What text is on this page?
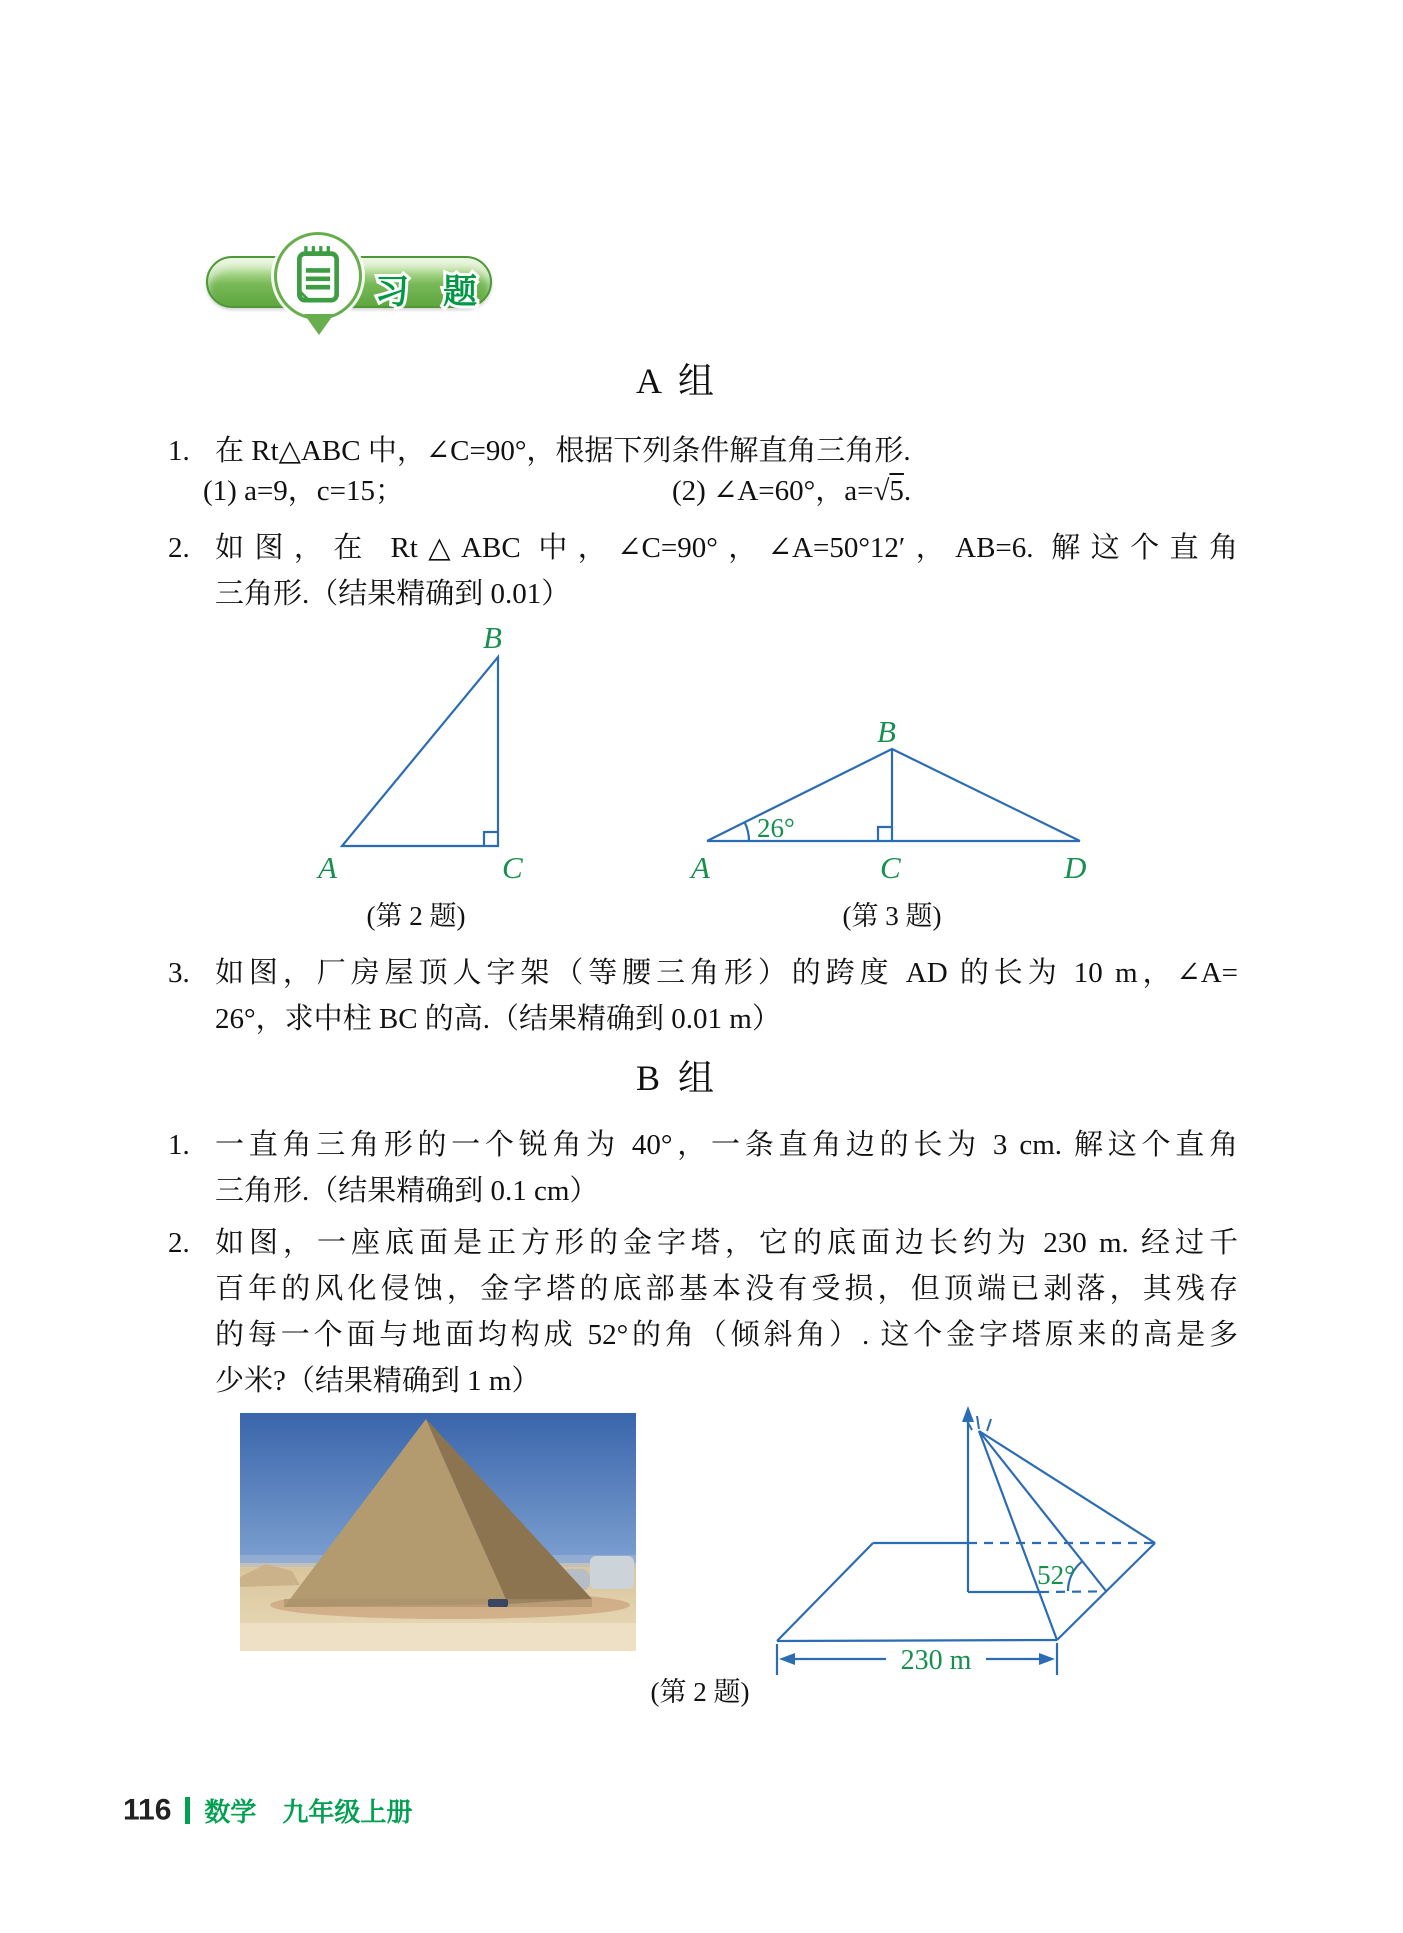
习　题
A  组
1. 在 Rt△ABC 中，∠C=90°，根据下列条件解直角三角形.
(1) a=9，c=15；	(2) ∠A=60°，a=√5.
2. 如图，在 Rt△ABC 中，∠C=90°，∠A=50°12′，AB=6. 解这个直角
三角形.（结果精确到 0.01）
B
A	C
(第 2 题)
26°
A
B
C	D
(第 3 题)
3. 如图，厂房屋顶人字架（等腰三角形）的跨度 AD 的长为 10 m，∠A=
26°，求中柱 BC 的高.（结果精确到 0.01 m）
B  组
1. 一直角三角形的一个锐角为 40°，一条直角边的长为 3 cm. 解这个直角
三角形.（结果精确到 0.1 cm）
2. 如图，一座底面是正方形的金字塔，它的底面边长约为 230 m. 经过千
百年的风化侵蚀，金字塔的底部基本没有受损，但顶端已剥落，其残存
的每一个面与地面均构成 52°的角（倾斜角）. 这个金字塔原来的高是多
少米?（结果精确到 1 m）
52°
230 m
(第 2 题)
116 数学　九年级上册
